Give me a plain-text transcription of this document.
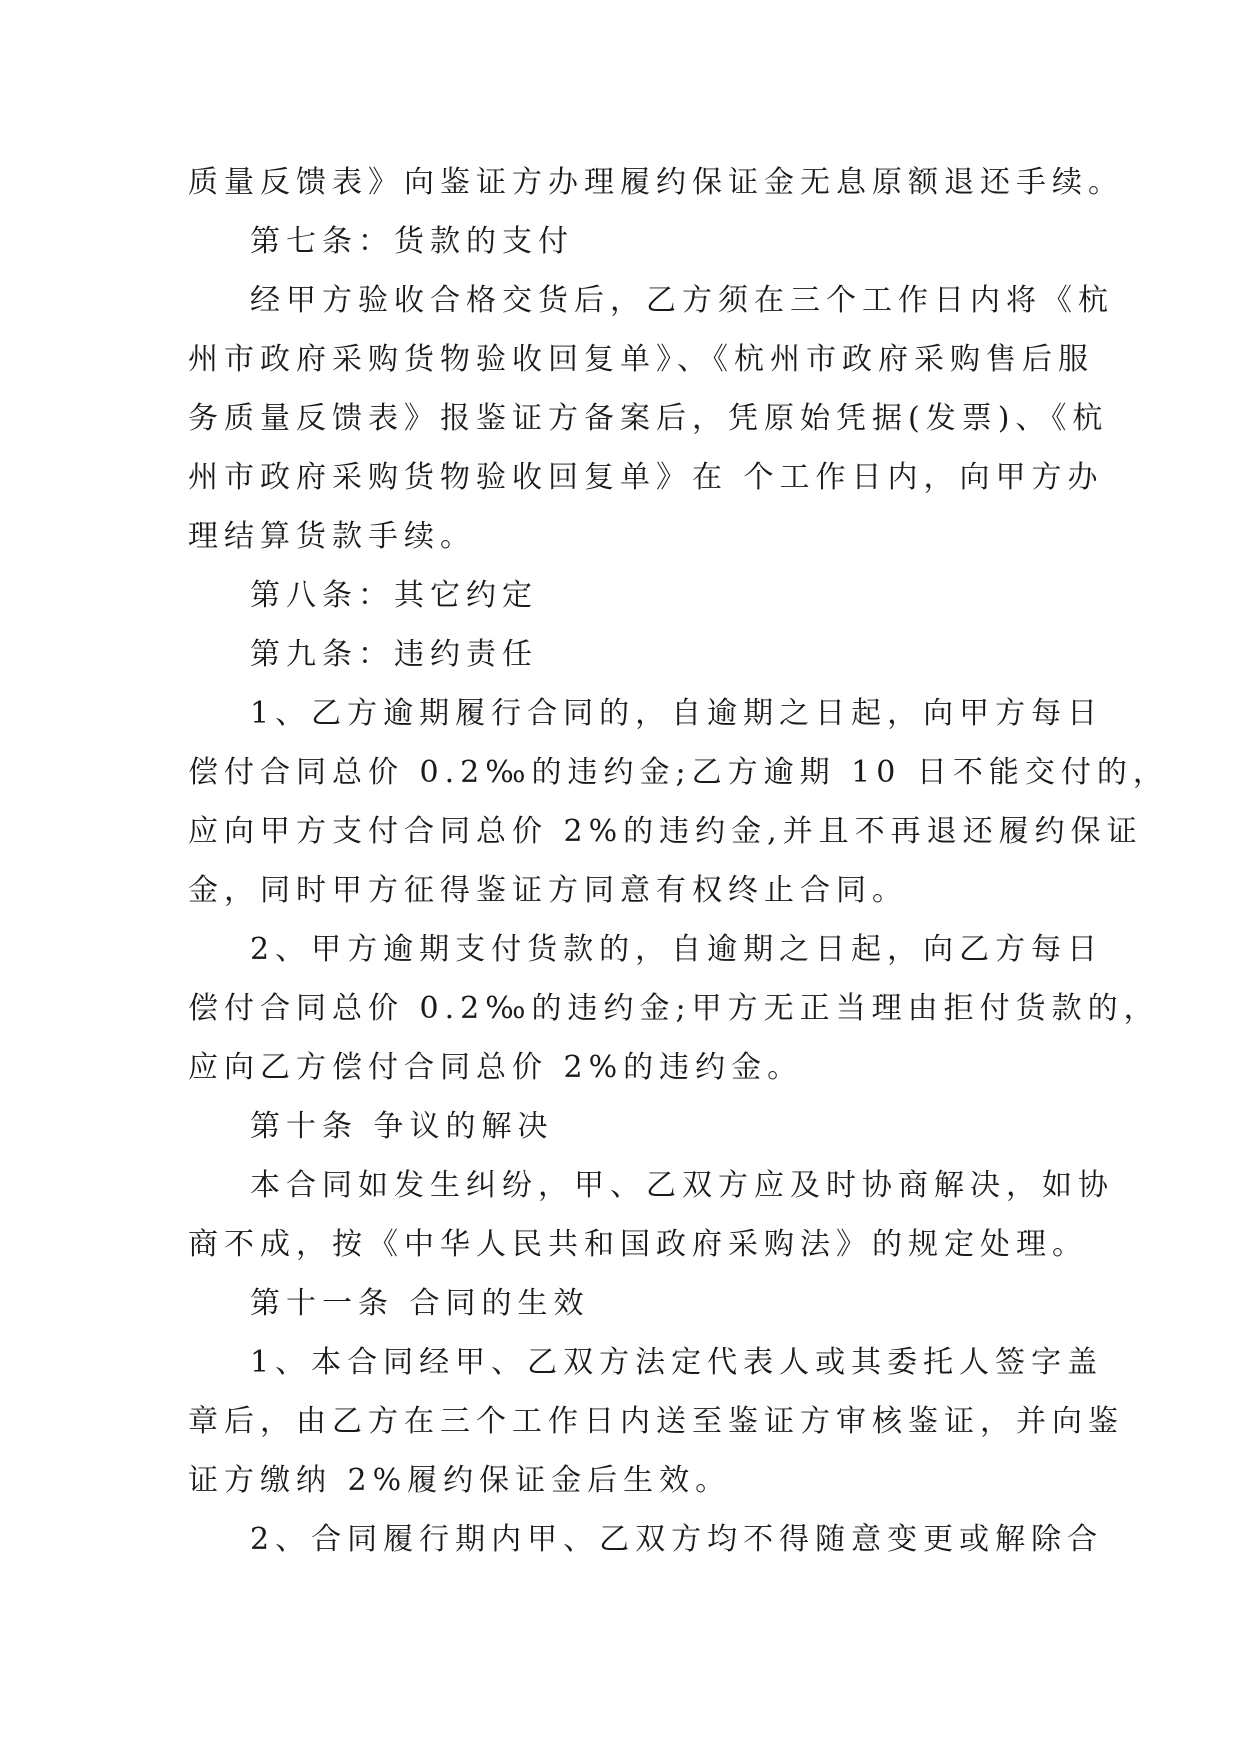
质量反馈表》向鉴证方办理履约保证金无息原额退还手续。
第七条：货款的支付
经甲方验收合格交货后，乙方须在三个工作日内将《杭
州市政府采购货物验收回复单》、《杭州市政府采购售后服
务质量反馈表》报鉴证方备案后，凭原始凭据(发票)、《杭
州市政府采购货物验收回复单》在 个工作日内，向甲方办
理结算货款手续。
第八条：其它约定
第九条：违约责任
1、乙方逾期履行合同的，自逾期之日起，向甲方每日
偿付合同总价 0.2‰的违约金;乙方逾期 10 日不能交付的，
应向甲方支付合同总价 2%的违约金,并且不再退还履约保证
金，同时甲方征得鉴证方同意有权终止合同。
2、甲方逾期支付货款的，自逾期之日起，向乙方每日
偿付合同总价 0.2‰的违约金;甲方无正当理由拒付货款的，
应向乙方偿付合同总价 2%的违约金。
第十条 争议的解决
本合同如发生纠纷，甲、乙双方应及时协商解决，如协
商不成，按《中华人民共和国政府采购法》的规定处理。
第十一条 合同的生效
1、本合同经甲、乙双方法定代表人或其委托人签字盖
章后，由乙方在三个工作日内送至鉴证方审核鉴证，并向鉴
证方缴纳 2%履约保证金后生效。
2、合同履行期内甲、乙双方均不得随意变更或解除合
